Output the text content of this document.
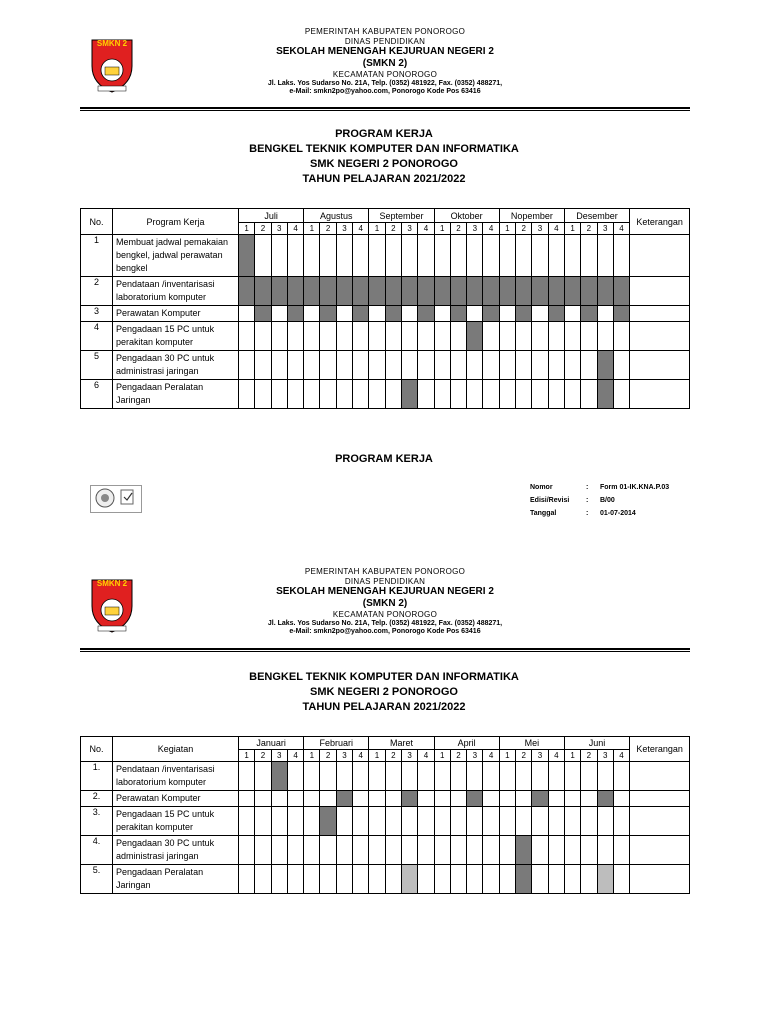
SMKN 2
PEMERINTAH KABUPATEN PONOROGO
DINAS PENDIDIKAN
SEKOLAH MENENGAH KEJURUAN NEGERI 2
(SMKN 2)
KECAMATAN PONOROGO
Jl. Laks. Yos Sudarso No. 21A, Telp. (0352) 481922, Fax. (0352) 488271,
e-Mail: smkn2po@yahoo.com, Ponorogo Kode Pos 63416
PROGRAM KERJA
BENGKEL TEKNIK KOMPUTER DAN INFORMATIKA
SMK NEGERI 2 PONOROGO
TAHUN PELAJARAN 2021/2022
No.	Program Kerja	Juli				Agustus				September				Oktober				Nopember				Desember				Keterangan
		1	2	3	4	1	2	3	4	1	2	3	4	1	2	3	4	1	2	3	4	1	2	3	4	
1	Membuat jadwal pemakaian bengkel, jadwal perawatan bengkel																									
2	Pendataan /inventarisasi laboratorium komputer																									
3	Perawatan Komputer																									
4	Pengadaan 15 PC untuk perakitan komputer																									
5	Pengadaan 30 PC untuk administrasi jaringan																									
6	Pengadaan Peralatan Jaringan																									
PROGRAM KERJA
Nomor	: Form 01-IK.KNA.P.03
Edisi/Revisi : B/00
Tanggal	: 01-07-2014
SMKN 2
PEMERINTAH KABUPATEN PONOROGO
DINAS PENDIDIKAN
SEKOLAH MENENGAH KEJURUAN NEGERI 2
(SMKN 2)
KECAMATAN PONOROGO
Jl. Laks. Yos Sudarso No. 21A, Telp. (0352) 481922, Fax. (0352) 488271,
e-Mail: smkn2po@yahoo.com, Ponorogo Kode Pos 63416
BENGKEL TEKNIK KOMPUTER DAN INFORMATIKA
SMK NEGERI 2 PONOROGO
TAHUN PELAJARAN 2021/2022
No.	Kegiatan	Januari				Februari				Maret				April				Mei				Juni				Keterangan
		1	2	3	4	1	2	3	4	1	2	3	4	1	2	3	4	1	2	3	4	1	2	3	4	
1.	Pendataan /inventarisasi laboratorium komputer																									
2.	Perawatan Komputer																									
3.	Pengadaan 15 PC untuk perakitan komputer																									
4.	Pengadaan 30 PC untuk administrasi jaringan																									
5.	Pengadaan Peralatan Jaringan																									
